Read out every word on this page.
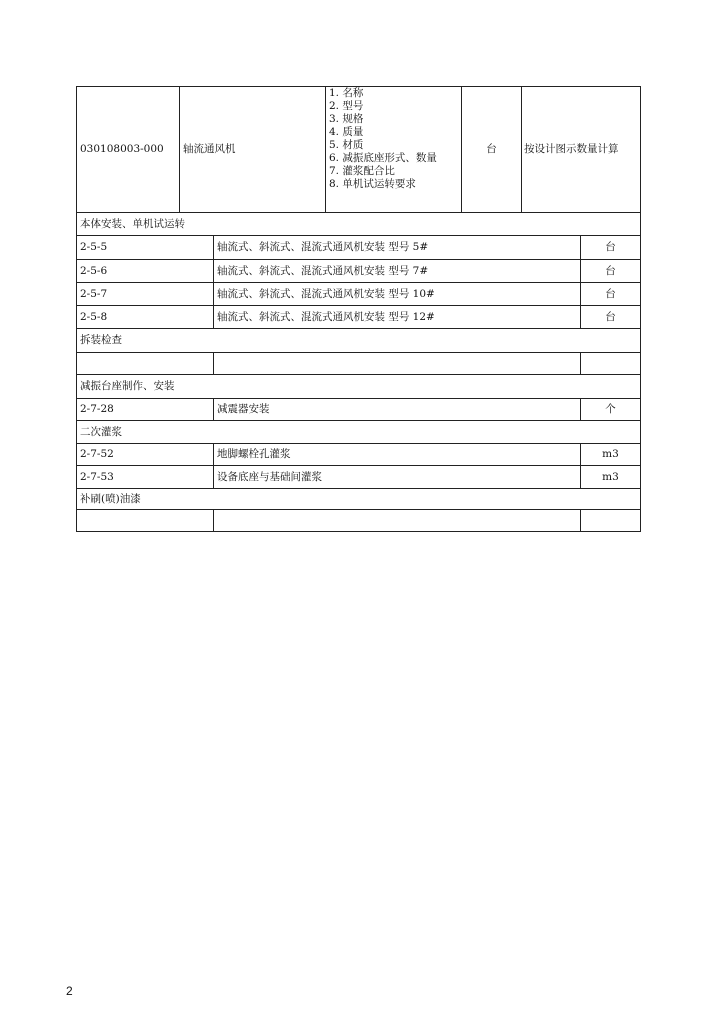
030108003-000	轴流通风机
1. 名称
2. 型号
3. 规格
4. 质量
5. 材质
6. 减振底座形式、数量
7. 灌浆配合比
8. 单机试运转要求
台	按设计图示数量计算
本体安装、单机试运转
2-5-5	轴流式、斜流式、混流式通风机安装 型号 5#	台
2-5-6	轴流式、斜流式、混流式通风机安装 型号 7#	台
2-5-7	轴流式、斜流式、混流式通风机安装 型号 10#	台
2-5-8	轴流式、斜流式、混流式通风机安装 型号 12#	台
拆装检查
减振台座制作、安装
2-7-28	减震器安装	个
二次灌浆
2-7-52	地脚螺栓孔灌浆	m3
2-7-53	设备底座与基础间灌浆	m3
补刷(喷)油漆
2
